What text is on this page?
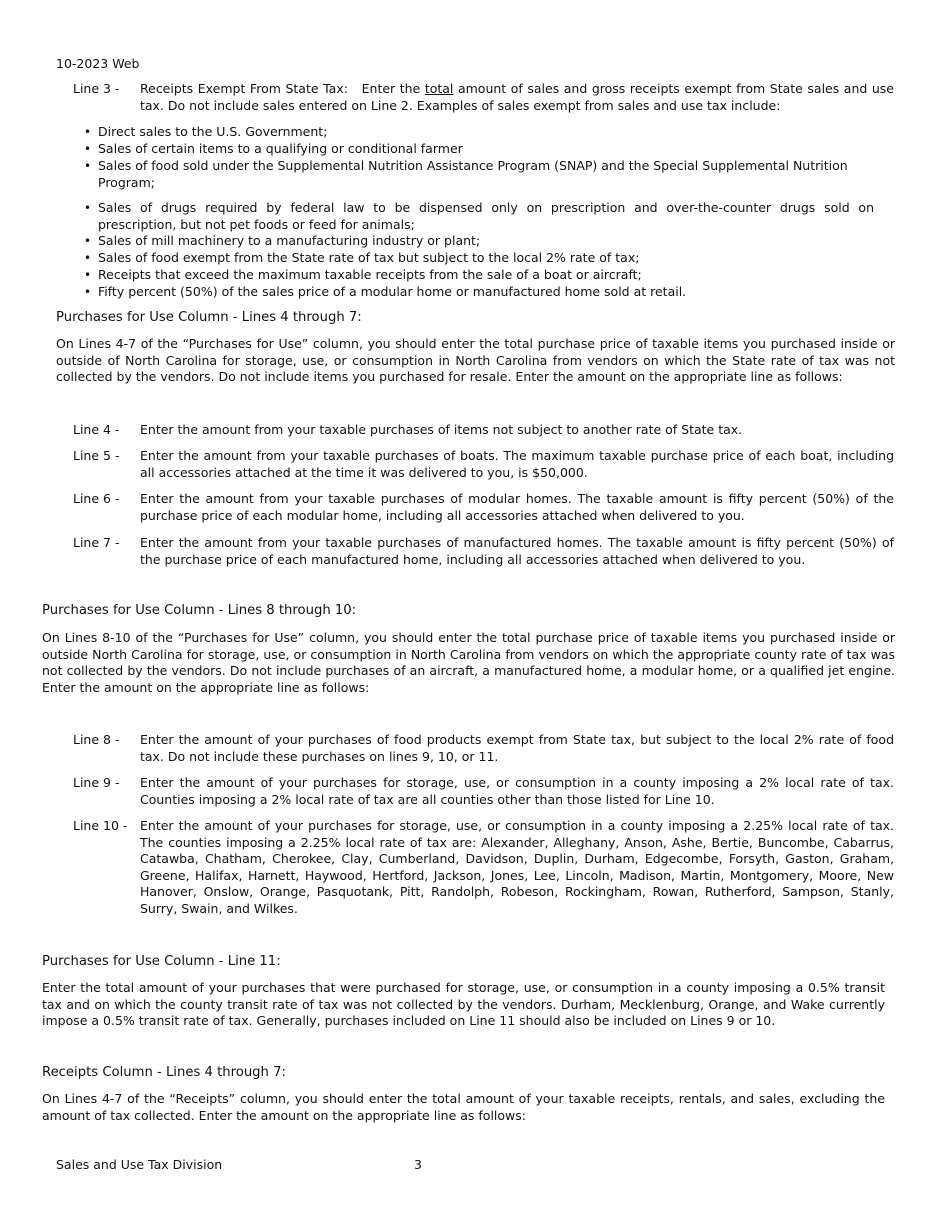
10-2023 Web
Line 3 - Receipts Exempt From State Tax: Enter the total amount of sales and gross receipts exempt from State sales and use tax. Do not include sales entered on Line 2. Examples of sales exempt from sales and use tax include:
• Direct sales to the U.S. Government;
• Sales of certain items to a qualifying or conditional farmer
• Sales of food sold under the Supplemental Nutrition Assistance Program (SNAP) and the Special Supplemental Nutrition Program;
• Sales of drugs required by federal law to be dispensed only on prescription and over-the-counter drugs sold on prescription, but not pet foods or feed for animals;
• Sales of mill machinery to a manufacturing industry or plant;
• Sales of food exempt from the State rate of tax but subject to the local 2% rate of tax;
• Receipts that exceed the maximum taxable receipts from the sale of a boat or aircraft;
• Fifty percent (50%) of the sales price of a modular home or manufactured home sold at retail.
Purchases for Use Column - Lines 4 through 7:
On Lines 4-7 of the “Purchases for Use” column, you should enter the total purchase price of taxable items you purchased inside or outside of North Carolina for storage, use, or consumption in North Carolina from vendors on which the State rate of tax was not collected by the vendors. Do not include items you purchased for resale. Enter the amount on the appropriate line as follows:
Line 4 - Enter the amount from your taxable purchases of items not subject to another rate of State tax.
Line 5 - Enter the amount from your taxable purchases of boats. The maximum taxable purchase price of each boat, including all accessories attached at the time it was delivered to you, is $50,000.
Line 6 - Enter the amount from your taxable purchases of modular homes. The taxable amount is fifty percent (50%) of the purchase price of each modular home, including all accessories attached when delivered to you.
Line 7 - Enter the amount from your taxable purchases of manufactured homes. The taxable amount is fifty percent (50%) of the purchase price of each manufactured home, including all accessories attached when delivered to you.
Purchases for Use Column - Lines 8 through 10:
On Lines 8-10 of the “Purchases for Use” column, you should enter the total purchase price of taxable items you purchased inside or outside North Carolina for storage, use, or consumption in North Carolina from vendors on which the appropriate county rate of tax was not collected by the vendors. Do not include purchases of an aircraft, a manufactured home, a modular home, or a qualified jet engine. Enter the amount on the appropriate line as follows:
Line 8 - Enter the amount of your purchases of food products exempt from State tax, but subject to the local 2% rate of food tax. Do not include these purchases on lines 9, 10, or 11.
Line 9 - Enter the amount of your purchases for storage, use, or consumption in a county imposing a 2% local rate of tax. Counties imposing a 2% local rate of tax are all counties other than those listed for Line 10.
Line 10 - Enter the amount of your purchases for storage, use, or consumption in a county imposing a 2.25% local rate of tax. The counties imposing a 2.25% local rate of tax are: Alexander, Alleghany, Anson, Ashe, Bertie, Buncombe, Cabarrus, Catawba, Chatham, Cherokee, Clay, Cumberland, Davidson, Duplin, Durham, Edgecombe, Forsyth, Gaston, Graham, Greene, Halifax, Harnett, Haywood, Hertford, Jackson, Jones, Lee, Lincoln, Madison, Martin, Montgomery, Moore, New Hanover, Onslow, Orange, Pasquotank, Pitt, Randolph, Robeson, Rockingham, Rowan, Rutherford, Sampson, Stanly, Surry, Swain, and Wilkes.
Purchases for Use Column - Line 11:
Enter the total amount of your purchases that were purchased for storage, use, or consumption in a county imposing a 0.5% transit tax and on which the county transit rate of tax was not collected by the vendors. Durham, Mecklenburg, Orange, and Wake currently impose a 0.5% transit rate of tax. Generally, purchases included on Line 11 should also be included on Lines 9 or 10.
Receipts Column - Lines 4 through 7:
On Lines 4-7 of the “Receipts” column, you should enter the total amount of your taxable receipts, rentals, and sales, excluding the amount of tax collected. Enter the amount on the appropriate line as follows:
Sales and Use Tax Division	3
